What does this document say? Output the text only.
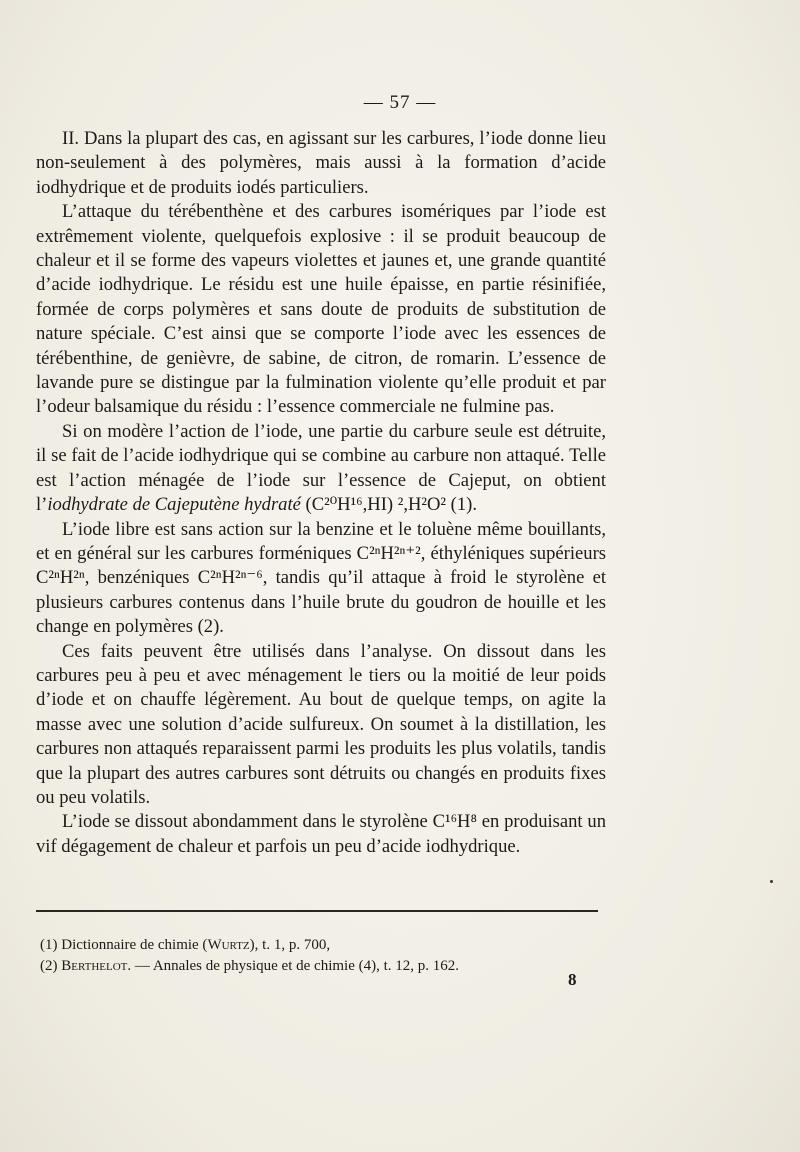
— 57 —

II. Dans la plupart des cas, en agissant sur les carbures, l’iode donne lieu non-seulement à des polymères, mais aussi à la formation d’acide iodhydrique et de produits iodés particuliers.

L’attaque du térébenthène et des carbures isomériques par l’iode est extrêmement violente, quelquefois explosive : il se produit beaucoup de chaleur et il se forme des vapeurs violettes et jaunes et, une grande quantité d’acide iodhydrique. Le résidu est une huile épaisse, en partie résinifiée, formée de corps polymères et sans doute de produits de substitution de nature spéciale. C’est ainsi que se comporte l’iode avec les essences de térébenthine, de genièvre, de sabine, de citron, de romarin. L’essence de lavande pure se distingue par la fulmination violente qu’elle produit et par l’odeur balsamique du résidu : l’essence commerciale ne fulmine pas.

Si on modère l’action de l’iode, une partie du carbure seule est détruite, il se fait de l’acide iodhydrique qui se combine au carbure non attaqué. Telle est l’action ménagée de l’iode sur l’essence de Cajeput, on obtient l’iodhydrate de Cajeputène hydraté (C²⁰H¹⁶,HI) ²,H²O² (1).

L’iode libre est sans action sur la benzine et le toluène même bouillants, et en général sur les carbures forméniques C²ⁿH²ⁿ⁺², éthyléniques supérieurs C²ⁿH²ⁿ, benzéniques C²ⁿH²ⁿ⁻⁶, tandis qu’il attaque à froid le styrolène et plusieurs carbures contenus dans l’huile brute du goudron de houille et les change en polymères (2).

Ces faits peuvent être utilisés dans l’analyse. On dissout dans les carbures peu à peu et avec ménagement le tiers ou la moitié de leur poids d’iode et on chauffe légèrement. Au bout de quelque temps, on agite la masse avec une solution d’acide sulfureux. On soumet à la distillation, les carbures non attaqués reparaissent parmi les produits les plus volatils, tandis que la plupart des autres carbures sont détruits ou changés en produits fixes ou peu volatils.

L’iode se dissout abondamment dans le styrolène C¹⁶H⁸ en produisant un vif dégagement de chaleur et parfois un peu d’acide iodhydrique.

(1) Dictionnaire de chimie (Wurtz), t. 1, p. 700,

(2) Berthelot. — Annales de physique et de chimie (4), t. 12, p. 162.

8
